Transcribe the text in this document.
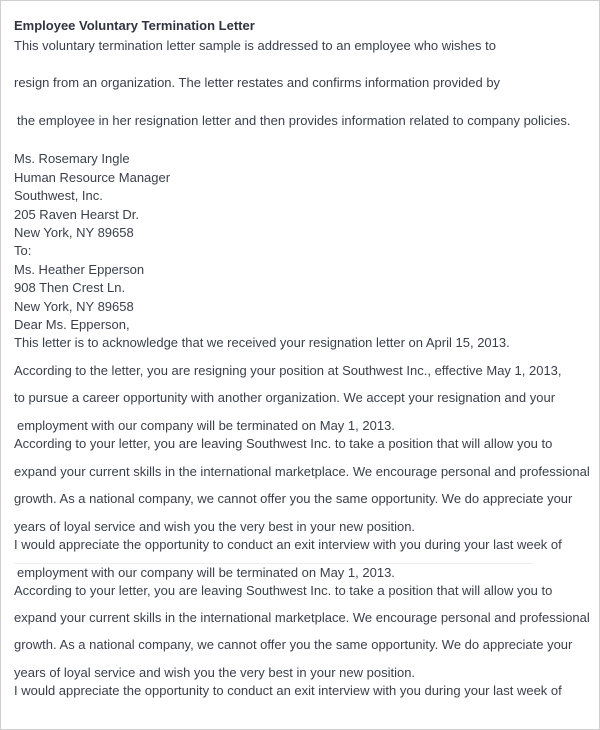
Employee Voluntary Termination Letter
This voluntary termination letter sample is addressed to an employee who wishes to
resign from an organization. The letter restates and confirms information provided by
the employee in her resignation letter and then provides information related to company policies.
Ms. Rosemary Ingle
Human Resource Manager
Southwest, Inc.
205 Raven Hearst Dr.
New York, NY 89658
To:
Ms. Heather Epperson
908 Then Crest Ln.
New York, NY 89658
Dear Ms. Epperson,
This letter is to acknowledge that we received your resignation letter on April 15, 2013.
According to the letter, you are resigning your position at Southwest Inc., effective May 1, 2013,
to pursue a career opportunity with another organization. We accept your resignation and your
employment with our company will be terminated on May 1, 2013.
According to your letter, you are leaving Southwest Inc. to take a position that will allow you to
expand your current skills in the international marketplace. We encourage personal and professional
growth. As a national company, we cannot offer you the same opportunity. We do appreciate your
years of loyal service and wish you the very best in your new position.
I would appreciate the opportunity to conduct an exit interview with you during your last week of
employment with our company will be terminated on May 1, 2013.
According to your letter, you are leaving Southwest Inc. to take a position that will allow you to
expand your current skills in the international marketplace. We encourage personal and professional
growth. As a national company, we cannot offer you the same opportunity. We do appreciate your
years of loyal service and wish you the very best in your new position.
I would appreciate the opportunity to conduct an exit interview with you during your last week of
